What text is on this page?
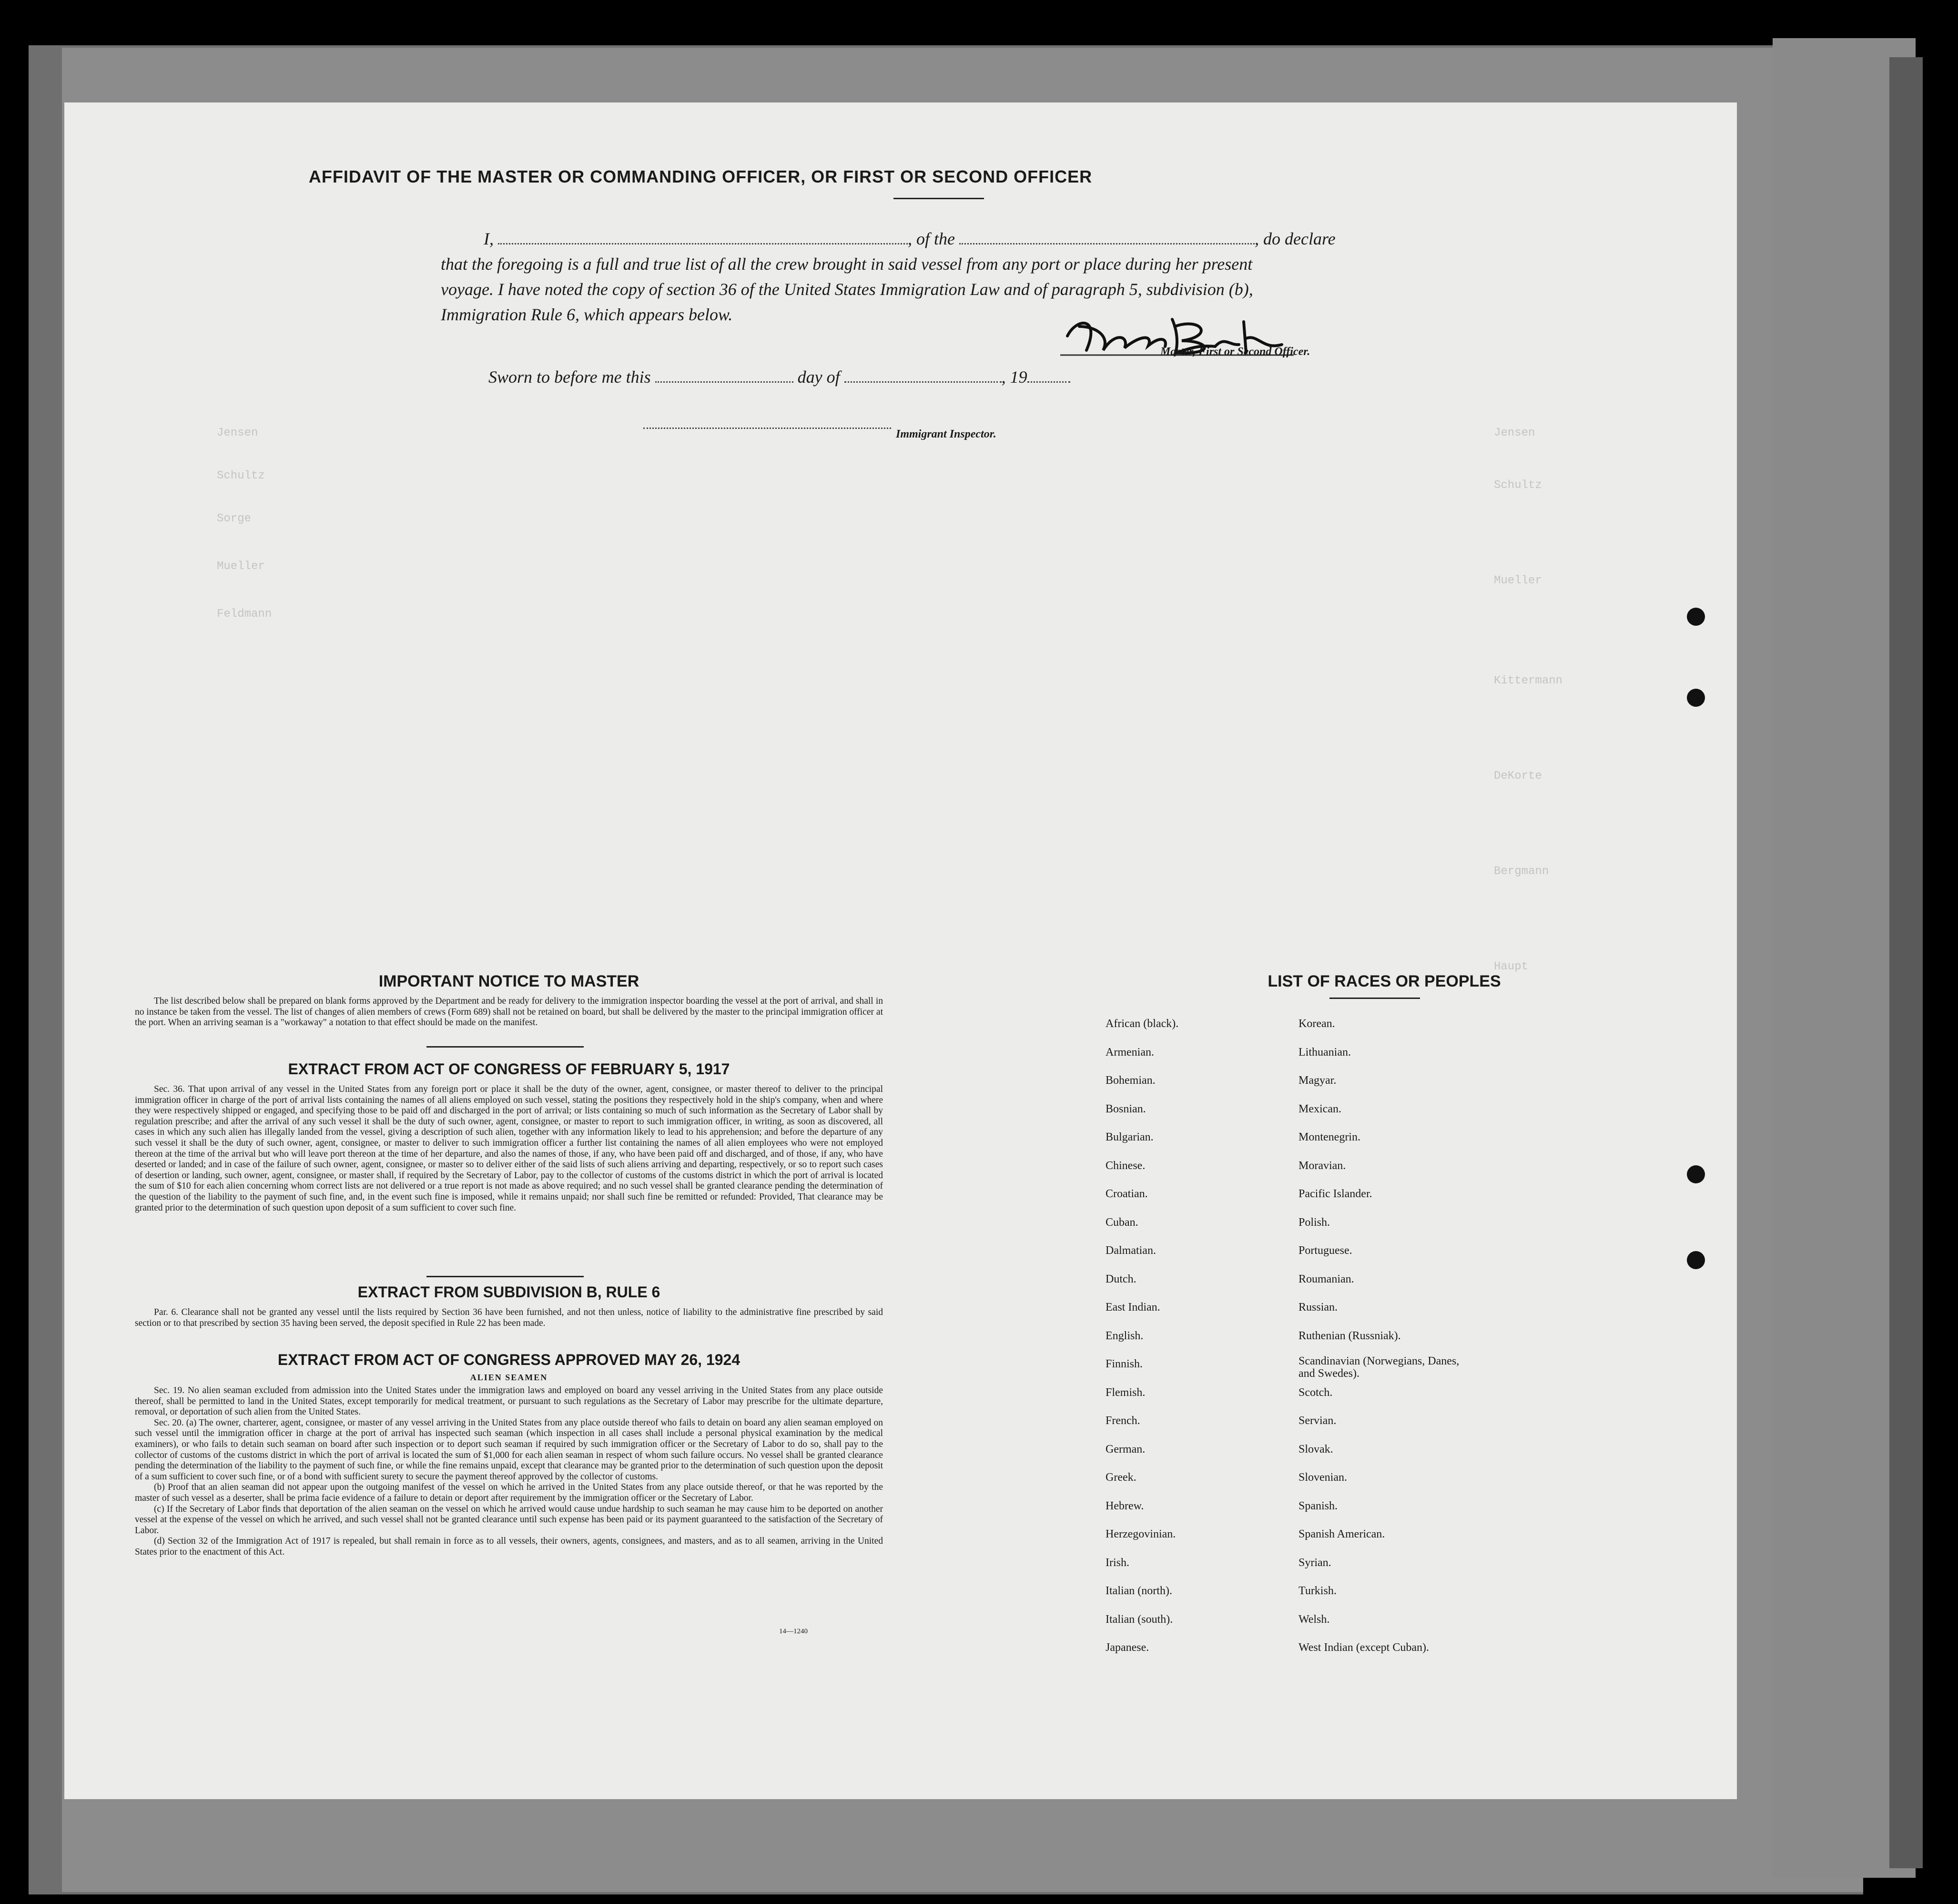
Jensen
Schultz
Sorge
Mueller
Feldmann
Jensen
Schultz
Mueller
Kittermann
DeKorte
Bergmann
Haupt
AFFIDAVIT OF THE MASTER OR COMMANDING OFFICER, OR FIRST OR SECOND OFFICER
I,	, of the	, do declare
that the foregoing is a full and true list of all the crew brought in said vessel from any port or place during her present
voyage. I have noted the copy of section 36 of the United States Immigration Law and of paragraph 5, subdivision (b),
Immigration Rule 6, which appears below.
Master, First or Second Officer.
Sworn to before me this	day of	, 19
Immigrant Inspector.
IMPORTANT NOTICE TO MASTER

The list described below shall be prepared on blank forms approved by the Department and be ready for delivery to the immigration inspector boarding the vessel at the port of arrival, and shall in no instance be taken from the vessel. The list of changes of alien members of crews (Form 689) shall not be retained on board, but shall be delivered by the master to the principal immigration officer at the port. When an arriving seaman is a "workaway" a notation to that effect should be made on the manifest.

EXTRACT FROM ACT OF CONGRESS OF FEBRUARY 5, 1917

Sec. 36. That upon arrival of any vessel in the United States from any foreign port or place it shall be the duty of the owner, agent, consignee, or master thereof to deliver to the principal immigration officer in charge of the port of arrival lists containing the names of all aliens employed on such vessel, stating the positions they respectively hold in the ship's company, when and where they were respectively shipped or engaged, and specifying those to be paid off and discharged in the port of arrival; or lists containing so much of such information as the Secretary of Labor shall by regulation prescribe; and after the arrival of any such vessel it shall be the duty of such owner, agent, consignee, or master to report to such immigration officer, in writing, as soon as discovered, all cases in which any such alien has illegally landed from the vessel, giving a description of such alien, together with any information likely to lead to his apprehension; and before the departure of any such vessel it shall be the duty of such owner, agent, consignee, or master to deliver to such immigration officer a further list containing the names of all alien employees who were not employed thereon at the time of the arrival but who will leave port thereon at the time of her departure, and also the names of those, if any, who have been paid off and discharged, and of those, if any, who have deserted or landed; and in case of the failure of such owner, agent, consignee, or master so to deliver either of the said lists of such aliens arriving and departing, respectively, or so to report such cases of desertion or landing, such owner, agent, consignee, or master shall, if required by the Secretary of Labor, pay to the collector of customs of the customs district in which the port of arrival is located the sum of $10 for each alien concerning whom correct lists are not delivered or a true report is not made as above required; and no such vessel shall be granted clearance pending the determination of the question of the liability to the payment of such fine, and, in the event such fine is imposed, while it remains unpaid; nor shall such fine be remitted or refunded: Provided, That clearance may be granted prior to the determination of such question upon deposit of a sum sufficient to cover such fine.

EXTRACT FROM SUBDIVISION B, RULE 6

Par. 6. Clearance shall not be granted any vessel until the lists required by Section 36 have been furnished, and not then unless, notice of liability to the administrative fine prescribed by said section or to that prescribed by section 35 having been served, the deposit specified in Rule 22 has been made.

EXTRACT FROM ACT OF CONGRESS APPROVED MAY 26, 1924
ALIEN SEAMEN

Sec. 19. No alien seaman excluded from admission into the United States under the immigration laws and employed on board any vessel arriving in the United States from any place outside thereof, shall be permitted to land in the United States, except temporarily for medical treatment, or pursuant to such regulations as the Secretary of Labor may prescribe for the ultimate departure, removal, or deportation of such alien from the United States.

Sec. 20. (a) The owner, charterer, agent, consignee, or master of any vessel arriving in the United States from any place outside thereof who fails to detain on board any alien seaman employed on such vessel until the immigration officer in charge at the port of arrival has inspected such seaman (which inspection in all cases shall include a personal physical examination by the medical examiners), or who fails to detain such seaman on board after such inspection or to deport such seaman if required by such immigration officer or the Secretary of Labor to do so, shall pay to the collector of customs of the customs district in which the port of arrival is located the sum of $1,000 for each alien seaman in respect of whom such failure occurs. No vessel shall be granted clearance pending the determination of the liability to the payment of such fine, or while the fine remains unpaid, except that clearance may be granted prior to the determination of such question upon the deposit of a sum sufficient to cover such fine, or of a bond with sufficient surety to secure the payment thereof approved by the collector of customs.

(b) Proof that an alien seaman did not appear upon the outgoing manifest of the vessel on which he arrived in the United States from any place outside thereof, or that he was reported by the master of such vessel as a deserter, shall be prima facie evidence of a failure to detain or deport after requirement by the immigration officer or the Secretary of Labor.

(c) If the Secretary of Labor finds that deportation of the alien seaman on the vessel on which he arrived would cause undue hardship to such seaman he may cause him to be deported on another vessel at the expense of the vessel on which he arrived, and such vessel shall not be granted clearance until such expense has been paid or its payment guaranteed to the satisfaction of the Secretary of Labor.

(d) Section 32 of the Immigration Act of 1917 is repealed, but shall remain in force as to all vessels, their owners, agents, consignees, and masters, and as to all seamen, arriving in the United States prior to the enactment of this Act.

14—1240
LIST OF RACES OR PEOPLES
African (black).
Armenian.
Bohemian.
Bosnian.
Bulgarian.
Chinese.
Croatian.
Cuban.
Dalmatian.
Dutch.
East Indian.
English.
Finnish.
Flemish.
French.
German.
Greek.
Hebrew.
Herzegovinian.
Irish.
Italian (north).
Italian (south).
Japanese.
Korean.
Lithuanian.
Magyar.
Mexican.
Montenegrin.
Moravian.
Pacific Islander.
Polish.
Portuguese.
Roumanian.
Russian.
Ruthenian (Russniak).
Scandinavian (Norwegians, Danes, and Swedes).
Scotch.
Servian.
Slovak.
Slovenian.
Spanish.
Spanish American.
Syrian.
Turkish.
Welsh.
West Indian (except Cuban).
